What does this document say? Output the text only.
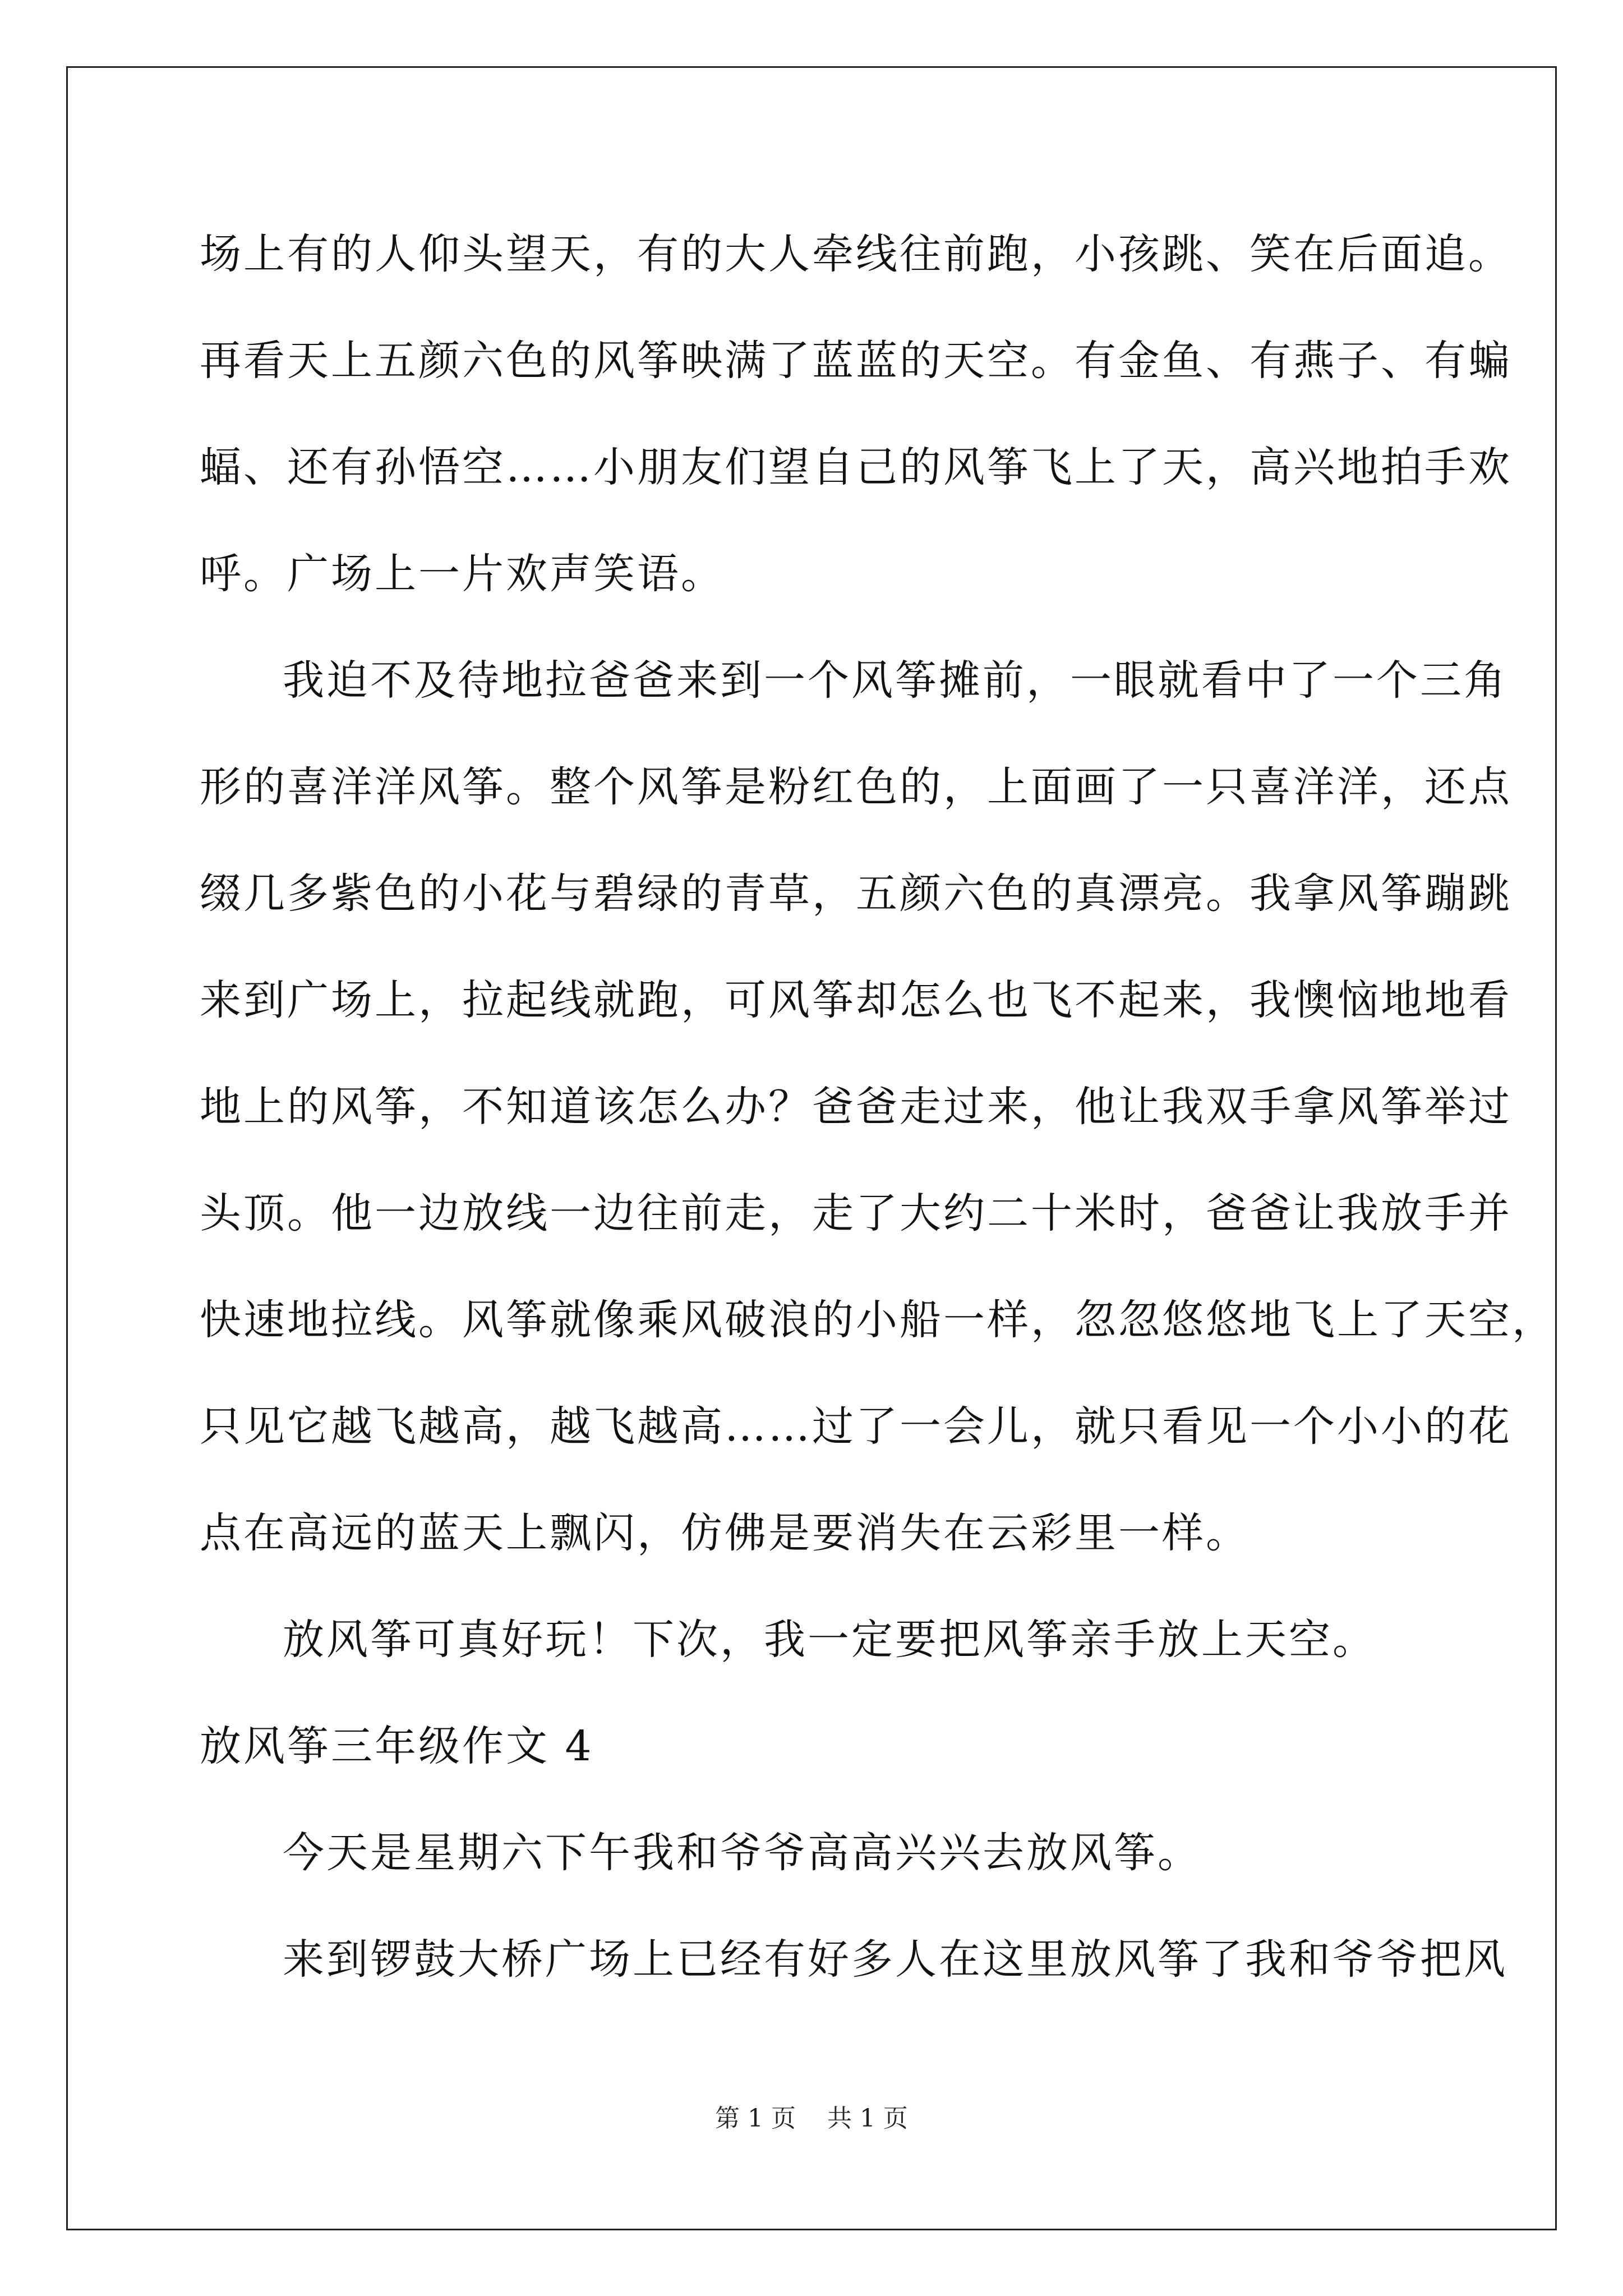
场上有的人仰头望天，有的大人牵线往前跑，小孩跳、笑在后面追。
再看天上五颜六色的风筝映满了蓝蓝的天空。有金鱼、有燕子、有蝙
蝠、还有孙悟空……小朋友们望自己的风筝飞上了天，高兴地拍手欢
呼。广场上一片欢声笑语。
我迫不及待地拉爸爸来到一个风筝摊前，一眼就看中了一个三角
形的喜洋洋风筝。整个风筝是粉红色的，上面画了一只喜洋洋，还点
缀几多紫色的小花与碧绿的青草，五颜六色的真漂亮。我拿风筝蹦跳
来到广场上，拉起线就跑，可风筝却怎么也飞不起来，我懊恼地地看
地上的风筝，不知道该怎么办？爸爸走过来，他让我双手拿风筝举过
头顶。他一边放线一边往前走，走了大约二十米时，爸爸让我放手并
快速地拉线。风筝就像乘风破浪的小船一样，忽忽悠悠地飞上了天空，
只见它越飞越高，越飞越高……过了一会儿，就只看见一个小小的花
点在高远的蓝天上飘闪，仿佛是要消失在云彩里一样。
放风筝可真好玩！下次，我一定要把风筝亲手放上天空。
放风筝三年级作文 4
今天是星期六下午我和爷爷高高兴兴去放风筝。
来到锣鼓大桥广场上已经有好多人在这里放风筝了我和爷爷把风
第 1 页    共 1 页
